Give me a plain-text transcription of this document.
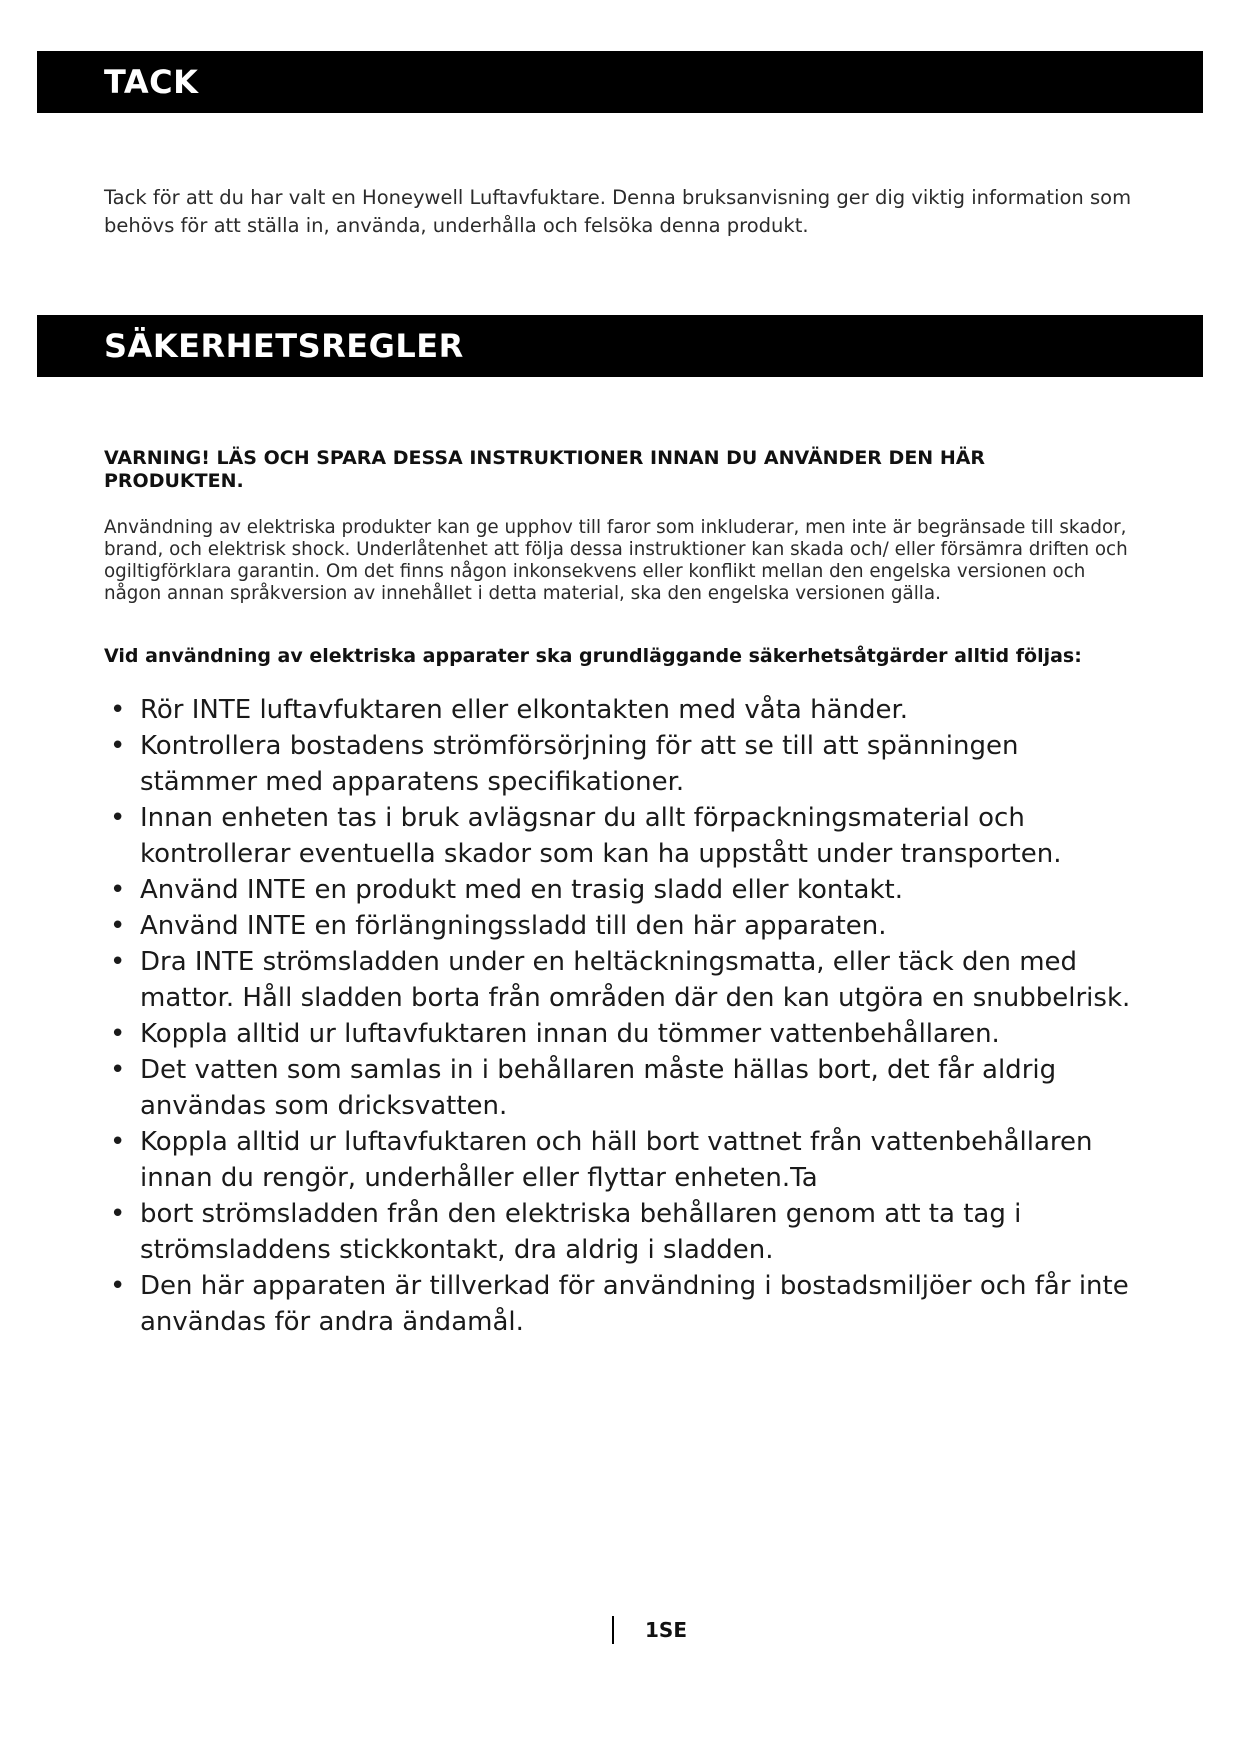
TACK

Tack för att du har valt en Honeywell Luftavfuktare. Denna bruksanvisning ger dig viktig information som behövs för att ställa in, använda, underhålla och felsöka denna produkt.

SÄKERHETSREGLER

VARNING! LÄS OCH SPARA DESSA INSTRUKTIONER INNAN DU ANVÄNDER DEN HÄR PRODUKTEN.

Användning av elektriska produkter kan ge upphov till faror som inkluderar, men inte är begränsade till skador, brand, och elektrisk shock. Underlåtenhet att följa dessa instruktioner kan skada och/ eller försämra driften och ogiltigförklara garantin. Om det finns någon inkonsekvens eller konflikt mellan den engelska versionen och någon annan språkversion av innehållet i detta material, ska den engelska versionen gälla.

Vid användning av elektriska apparater ska grundläggande säkerhetsåtgärder alltid följas:

• Rör INTE luftavfuktaren eller elkontakten med våta händer.
• Kontrollera bostadens strömförsörjning för att se till att spänningen stämmer med apparatens specifikationer.
• Innan enheten tas i bruk avlägsnar du allt förpackningsmaterial och kontrollerar eventuella skador som kan ha uppstått under transporten.
• Använd INTE en produkt med en trasig sladd eller kontakt.
• Använd INTE en förlängningssladd till den här apparaten.
• Dra INTE strömsladden under en heltäckningsmatta, eller täck den med mattor. Håll sladden borta från områden där den kan utgöra en snubbelrisk.
• Koppla alltid ur luftavfuktaren innan du tömmer vattenbehållaren.
• Det vatten som samlas in i behållaren måste hällas bort, det får aldrig användas som dricksvatten.
• Koppla alltid ur luftavfuktaren och häll bort vattnet från vattenbehållaren innan du rengör, underhåller eller flyttar enheten.Ta
• bort strömsladden från den elektriska behållaren genom att ta tag i strömsladdens stickkontakt, dra aldrig i sladden.
• Den här apparaten är tillverkad för användning i bostadsmiljöer och får inte användas för andra ändamål.
1SE
